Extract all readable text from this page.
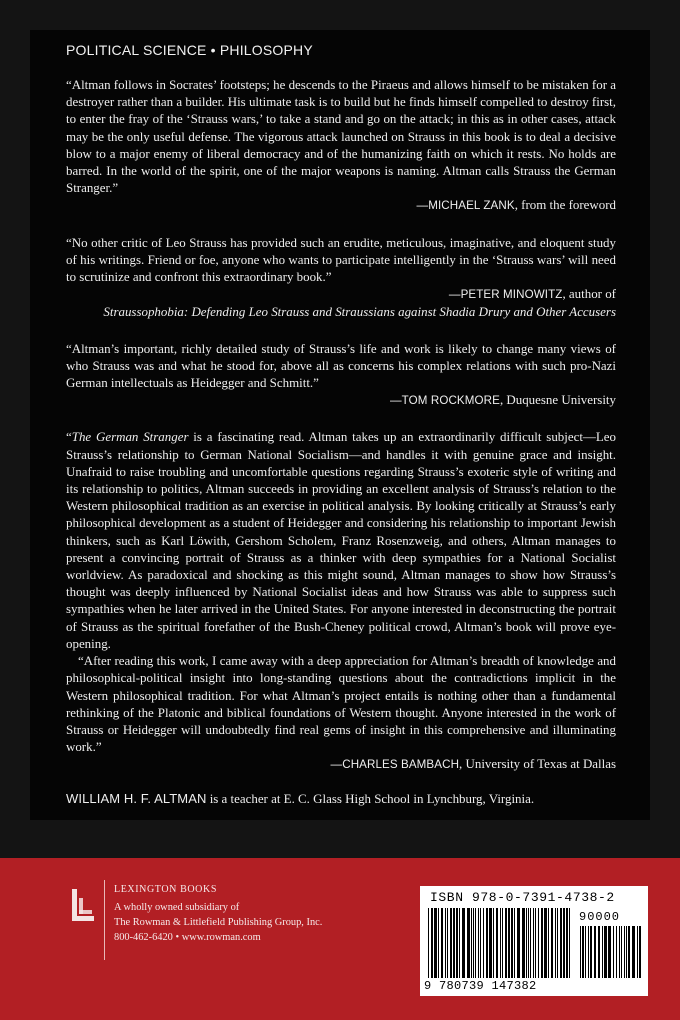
POLITICAL SCIENCE • PHILOSOPHY

“Altman follows in Socrates’ footsteps; he descends to the Piraeus and allows himself to be mistaken for a destroyer rather than a builder. His ultimate task is to build but he finds himself compelled to destroy first, to enter the fray of the ‘Strauss wars,’ to take a stand and go on the attack; in this as in other cases, attack may be the only useful defense. The vigorous attack launched on Strauss in this book is to deal a decisive blow to a major enemy of liberal democracy and of the humanizing faith on which it rests. No holds are barred. In the world of the spirit, one of the major weapons is naming. Altman calls Strauss the German Stranger.”
—MICHAEL ZANK, from the foreword

“No other critic of Leo Strauss has provided such an erudite, meticulous, imaginative, and eloquent study of his writings. Friend or foe, anyone who wants to participate intelligently in the ‘Strauss wars’ will need to scrutinize and confront this extraordinary book.”
—PETER MINOWITZ, author of
Straussophobia: Defending Leo Strauss and Straussians against Shadia Drury and Other Accusers

“Altman’s important, richly detailed study of Strauss’s life and work is likely to change many views of who Strauss was and what he stood for, above all as concerns his complex relations with such pro-Nazi German intellectuals as Heidegger and Schmitt.”
—TOM ROCKMORE, Duquesne University

“The German Stranger is a fascinating read. Altman takes up an extraordinarily difficult subject—Leo Strauss’s relationship to German National Socialism—and handles it with genuine grace and insight. Unafraid to raise troubling and uncomfortable questions regarding Strauss’s exoteric style of writing and its relationship to politics, Altman succeeds in providing an excellent analysis of Strauss’s relation to the Western philosophical tradition as an exercise in political analysis. By looking critically at Strauss’s early philosophical development as a student of Heidegger and considering his relationship to important Jewish thinkers, such as Karl Löwith, Gershom Scholem, Franz Rosenzweig, and others, Altman manages to present a convincing portrait of Strauss as a thinker with deep sympathies for a National Socialist worldview. As paradoxical and shocking as this might sound, Altman manages to show how Strauss’s thought was deeply influenced by National Socialist ideas and how Strauss was able to suppress such sympathies when he later arrived in the United States. For anyone interested in deconstructing the portrait of Strauss as the spiritual forefather of the Bush-Cheney political crowd, Altman’s book will prove eye-opening.

“After reading this work, I came away with a deep appreciation for Altman’s breadth of knowledge and philosophical-political insight into long-standing questions about the contradictions implicit in the Western philosophical tradition. For what Altman’s project entails is nothing other than a fundamental rethinking of the Platonic and biblical foundations of Western thought. Anyone interested in the work of Strauss or Heidegger will undoubtedly find real gems of insight in this comprehensive and illuminating work.”
—CHARLES BAMBACH, University of Texas at Dallas

WILLIAM H. F. ALTMAN is a teacher at E. C. Glass High School in Lynchburg, Virginia.

LEXINGTON BOOKS
A wholly owned subsidiary of
The Rowman & Littlefield Publishing Group, Inc.
800-462-6420 • www.rowman.com
ISBN 978-0-7391-4738-2
90000
9 780739 147382
